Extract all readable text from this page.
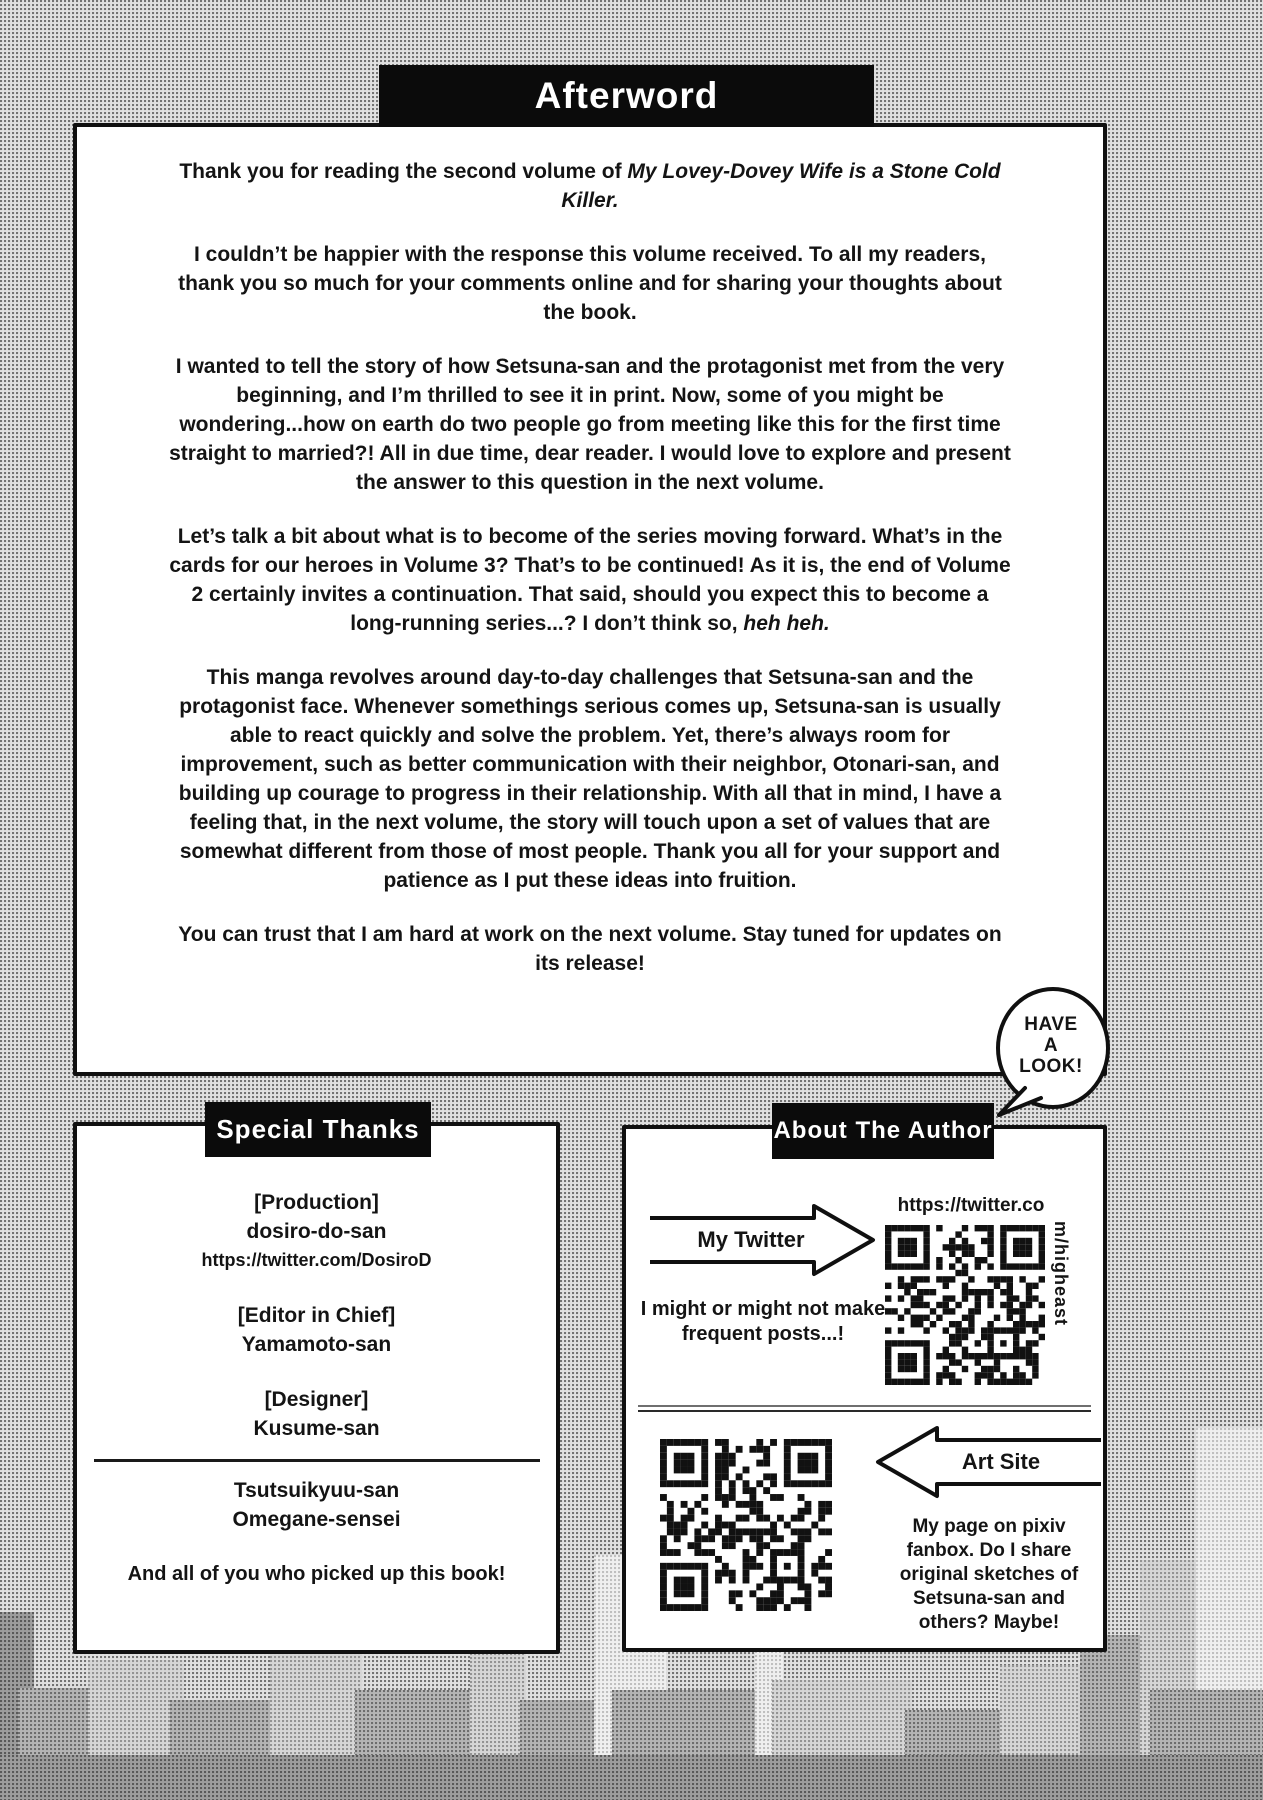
Afterword

Thank you for reading the second volume of My Lovey-Dovey Wife is a Stone Cold Killer.

I couldn’t be happier with the response this volume received. To all my readers, thank you so much for your comments online and for sharing your thoughts about the book.

I wanted to tell the story of how Setsuna-san and the protagonist met from the very beginning, and I’m thrilled to see it in print. Now, some of you might be wondering...how on earth do two people go from meeting like this for the first time straight to married?! All in due time, dear reader. I would love to explore and present the answer to this question in the next volume.

Let’s talk a bit about what is to become of the series moving forward. What’s in the cards for our heroes in Volume 3? That’s to be continued! As it is, the end of Volume 2 certainly invites a continuation. That said, should you expect this to become a long-running series...? I don’t think so, heh heh.

This manga revolves around day-to-day challenges that Setsuna-san and the protagonist face. Whenever somethings serious comes up, Setsuna-san is usually able to react quickly and solve the problem. Yet, there’s always room for improvement, such as better communication with their neighbor, Otonari-san, and building up courage to progress in their relationship. With all that in mind, I have a feeling that, in the next volume, the story will touch upon a set of values that are somewhat different from those of most people. Thank you all for your support and patience as I put these ideas into fruition.

You can trust that I am hard at work on the next volume. Stay tuned for updates on its release!

Special Thanks
[Production]
dosiro-do-san
https://twitter.com/DosiroD
[Editor in Chief]
Yamamoto-san
[Designer]
Kusume-san
Tsutsuikyuu-san
Omegane-sensei
And all of you who picked up this book!
About The Author
My Twitter
https://twitter.co
m/higheast
I might or might not make frequent posts...!
Art Site
My page on pixiv fanbox. Do I share original sketches of Setsuna-san and others? Maybe!
HAVE
A
LOOK!
